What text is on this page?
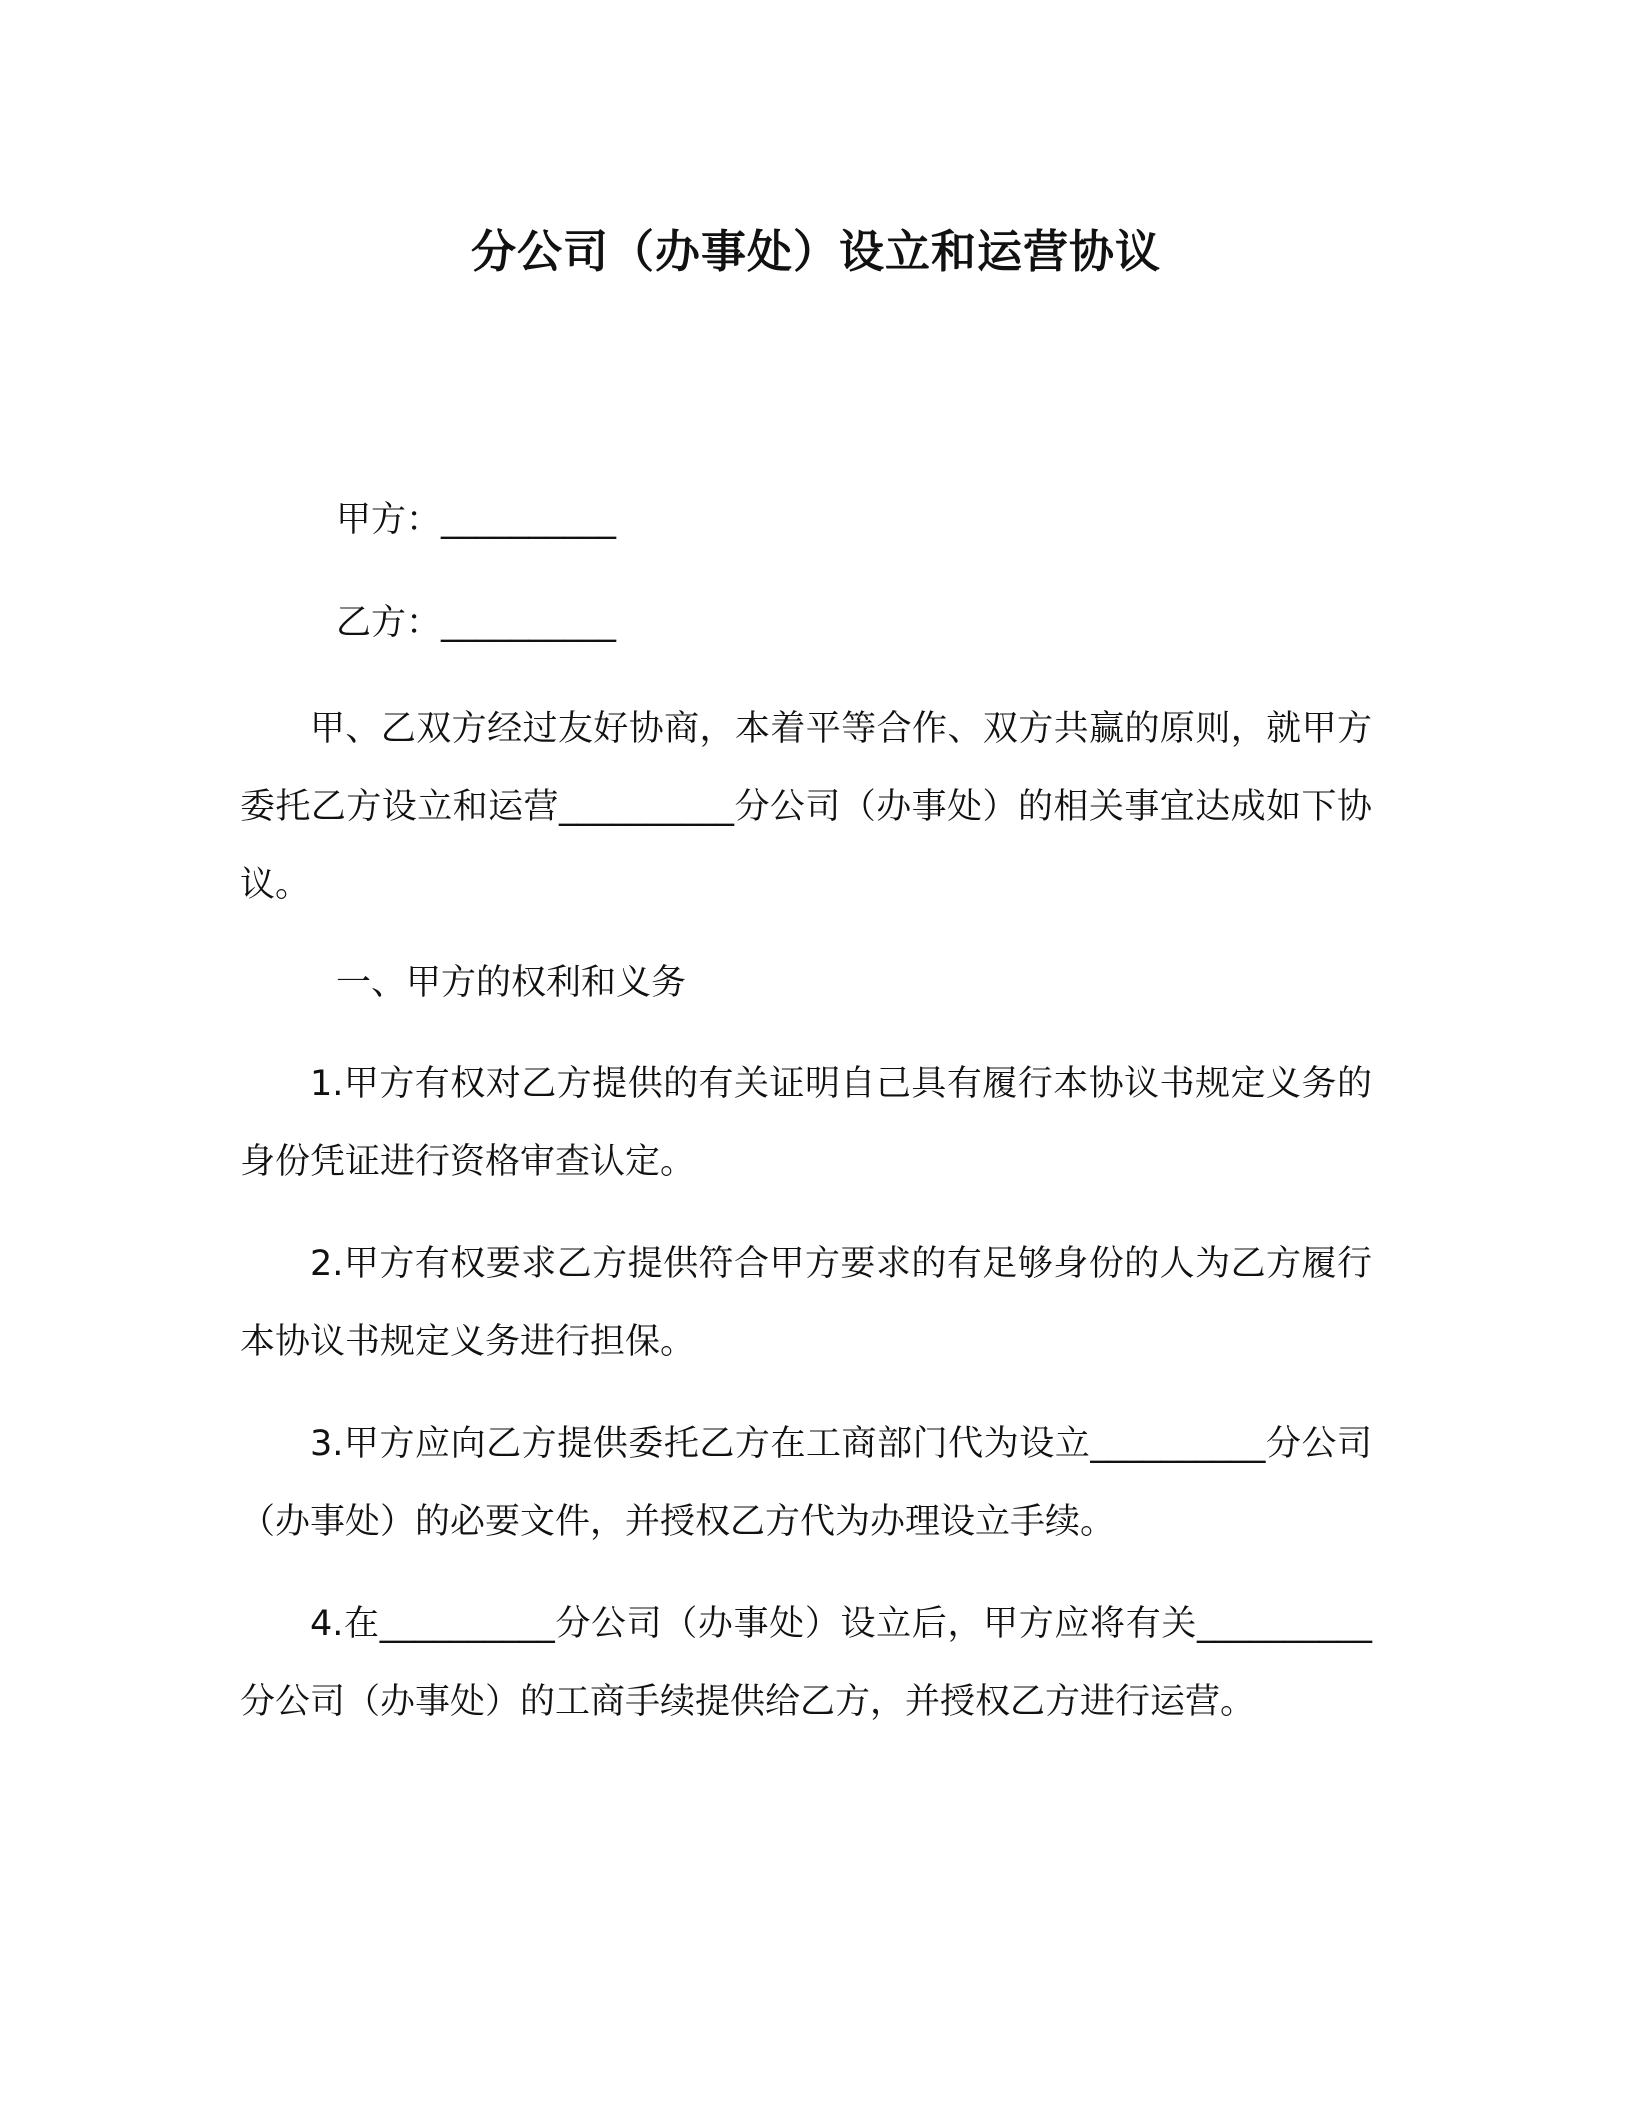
分公司（办事处）设立和运营协议
甲方：__________
乙方：__________

甲、乙双方经过友好协商，本着平等合作、双方共赢的原则，就甲方委托乙方设立和运营__________分公司（办事处）的相关事宜达成如下协议。

一、甲方的权利和义务

1.甲方有权对乙方提供的有关证明自己具有履行本协议书规定义务的身份凭证进行资格审查认定。

2.甲方有权要求乙方提供符合甲方要求的有足够身份的人为乙方履行本协议书规定义务进行担保。

3.甲方应向乙方提供委托乙方在工商部门代为设立__________分公司（办事处）的必要文件，并授权乙方代为办理设立手续。

4.在__________分公司（办事处）设立后，甲方应将有关__________分公司（办事处）的工商手续提供给乙方，并授权乙方进行运营。
